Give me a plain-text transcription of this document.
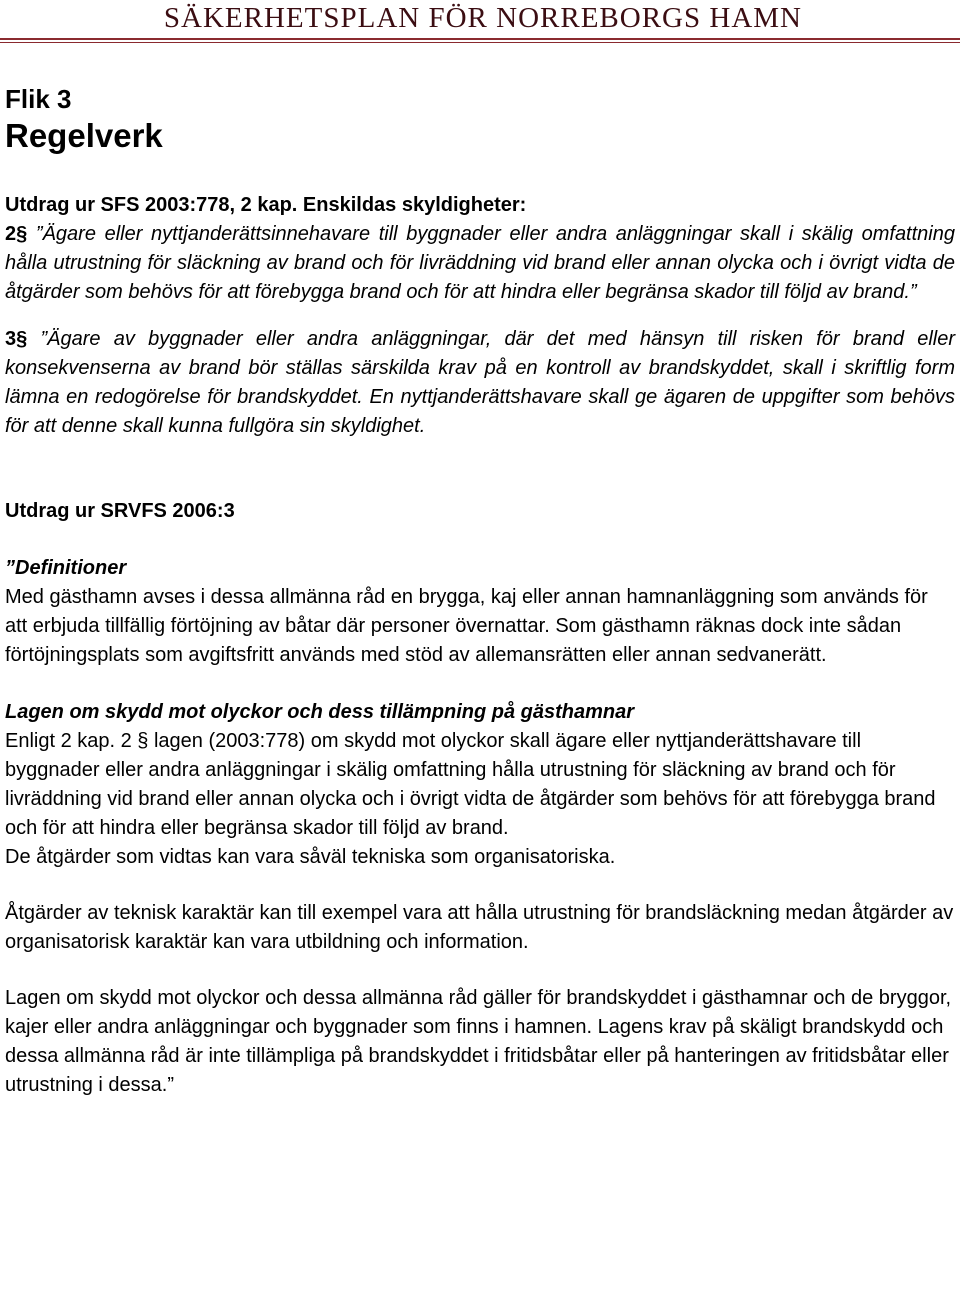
SÄKERHETSPLAN FÖR NORREBORGS HAMN

Flik 3

Regelverk

Utdrag ur SFS 2003:778, 2 kap. Enskildas skyldigheter:

2§ ”Ägare eller nyttjanderättsinnehavare till byggnader eller andra anläggningar skall i skälig omfattning hålla utrustning för släckning av brand och för livräddning vid brand eller annan olycka och i övrigt vidta de åtgärder som behövs för att förebygga brand och för att hindra eller begränsa skador till följd av brand.”

3§ ”Ägare av byggnader eller andra anläggningar, där det med hänsyn till risken för brand eller konsekvenserna av brand bör ställas särskilda krav på en kontroll av brandskyddet, skall i skriftlig form lämna en redogörelse för brandskyddet. En nyttjanderättshavare skall ge ägaren de uppgifter som behövs för att denne skall kunna fullgöra sin skyldighet.

Utdrag ur SRVFS 2006:3
”Definitioner

Med gästhamn avses i dessa allmänna råd en brygga, kaj eller annan hamnanläggning som används för att erbjuda tillfällig förtöjning av båtar där personer övernattar. Som gästhamn räknas dock inte sådan förtöjningsplats som avgiftsfritt används med stöd av allemansrätten eller annan sedvanerätt.

Lagen om skydd mot olyckor och dess tillämpning på gästhamnar

Enligt 2 kap. 2 § lagen (2003:778) om skydd mot olyckor skall ägare eller nyttjanderättshavare till byggnader eller andra anläggningar i skälig omfattning hålla utrustning för släckning av brand och för livräddning vid brand eller annan olycka och i övrigt vidta de åtgärder som behövs för att förebygga brand och för att hindra eller begränsa skador till följd av brand.

De åtgärder som vidtas kan vara såväl tekniska som organisatoriska.

Åtgärder av teknisk karaktär kan till exempel vara att hålla utrustning för brandsläckning medan åtgärder av organisatorisk karaktär kan vara utbildning och information.

Lagen om skydd mot olyckor och dessa allmänna råd gäller för brandskyddet i gästhamnar och de bryggor, kajer eller andra anläggningar och byggnader som finns i hamnen. Lagens krav på skäligt brandskydd och dessa allmänna råd är inte tillämpliga på brandskyddet i fritidsbåtar eller på hanteringen av fritidsbåtar eller utrustning i dessa.”
